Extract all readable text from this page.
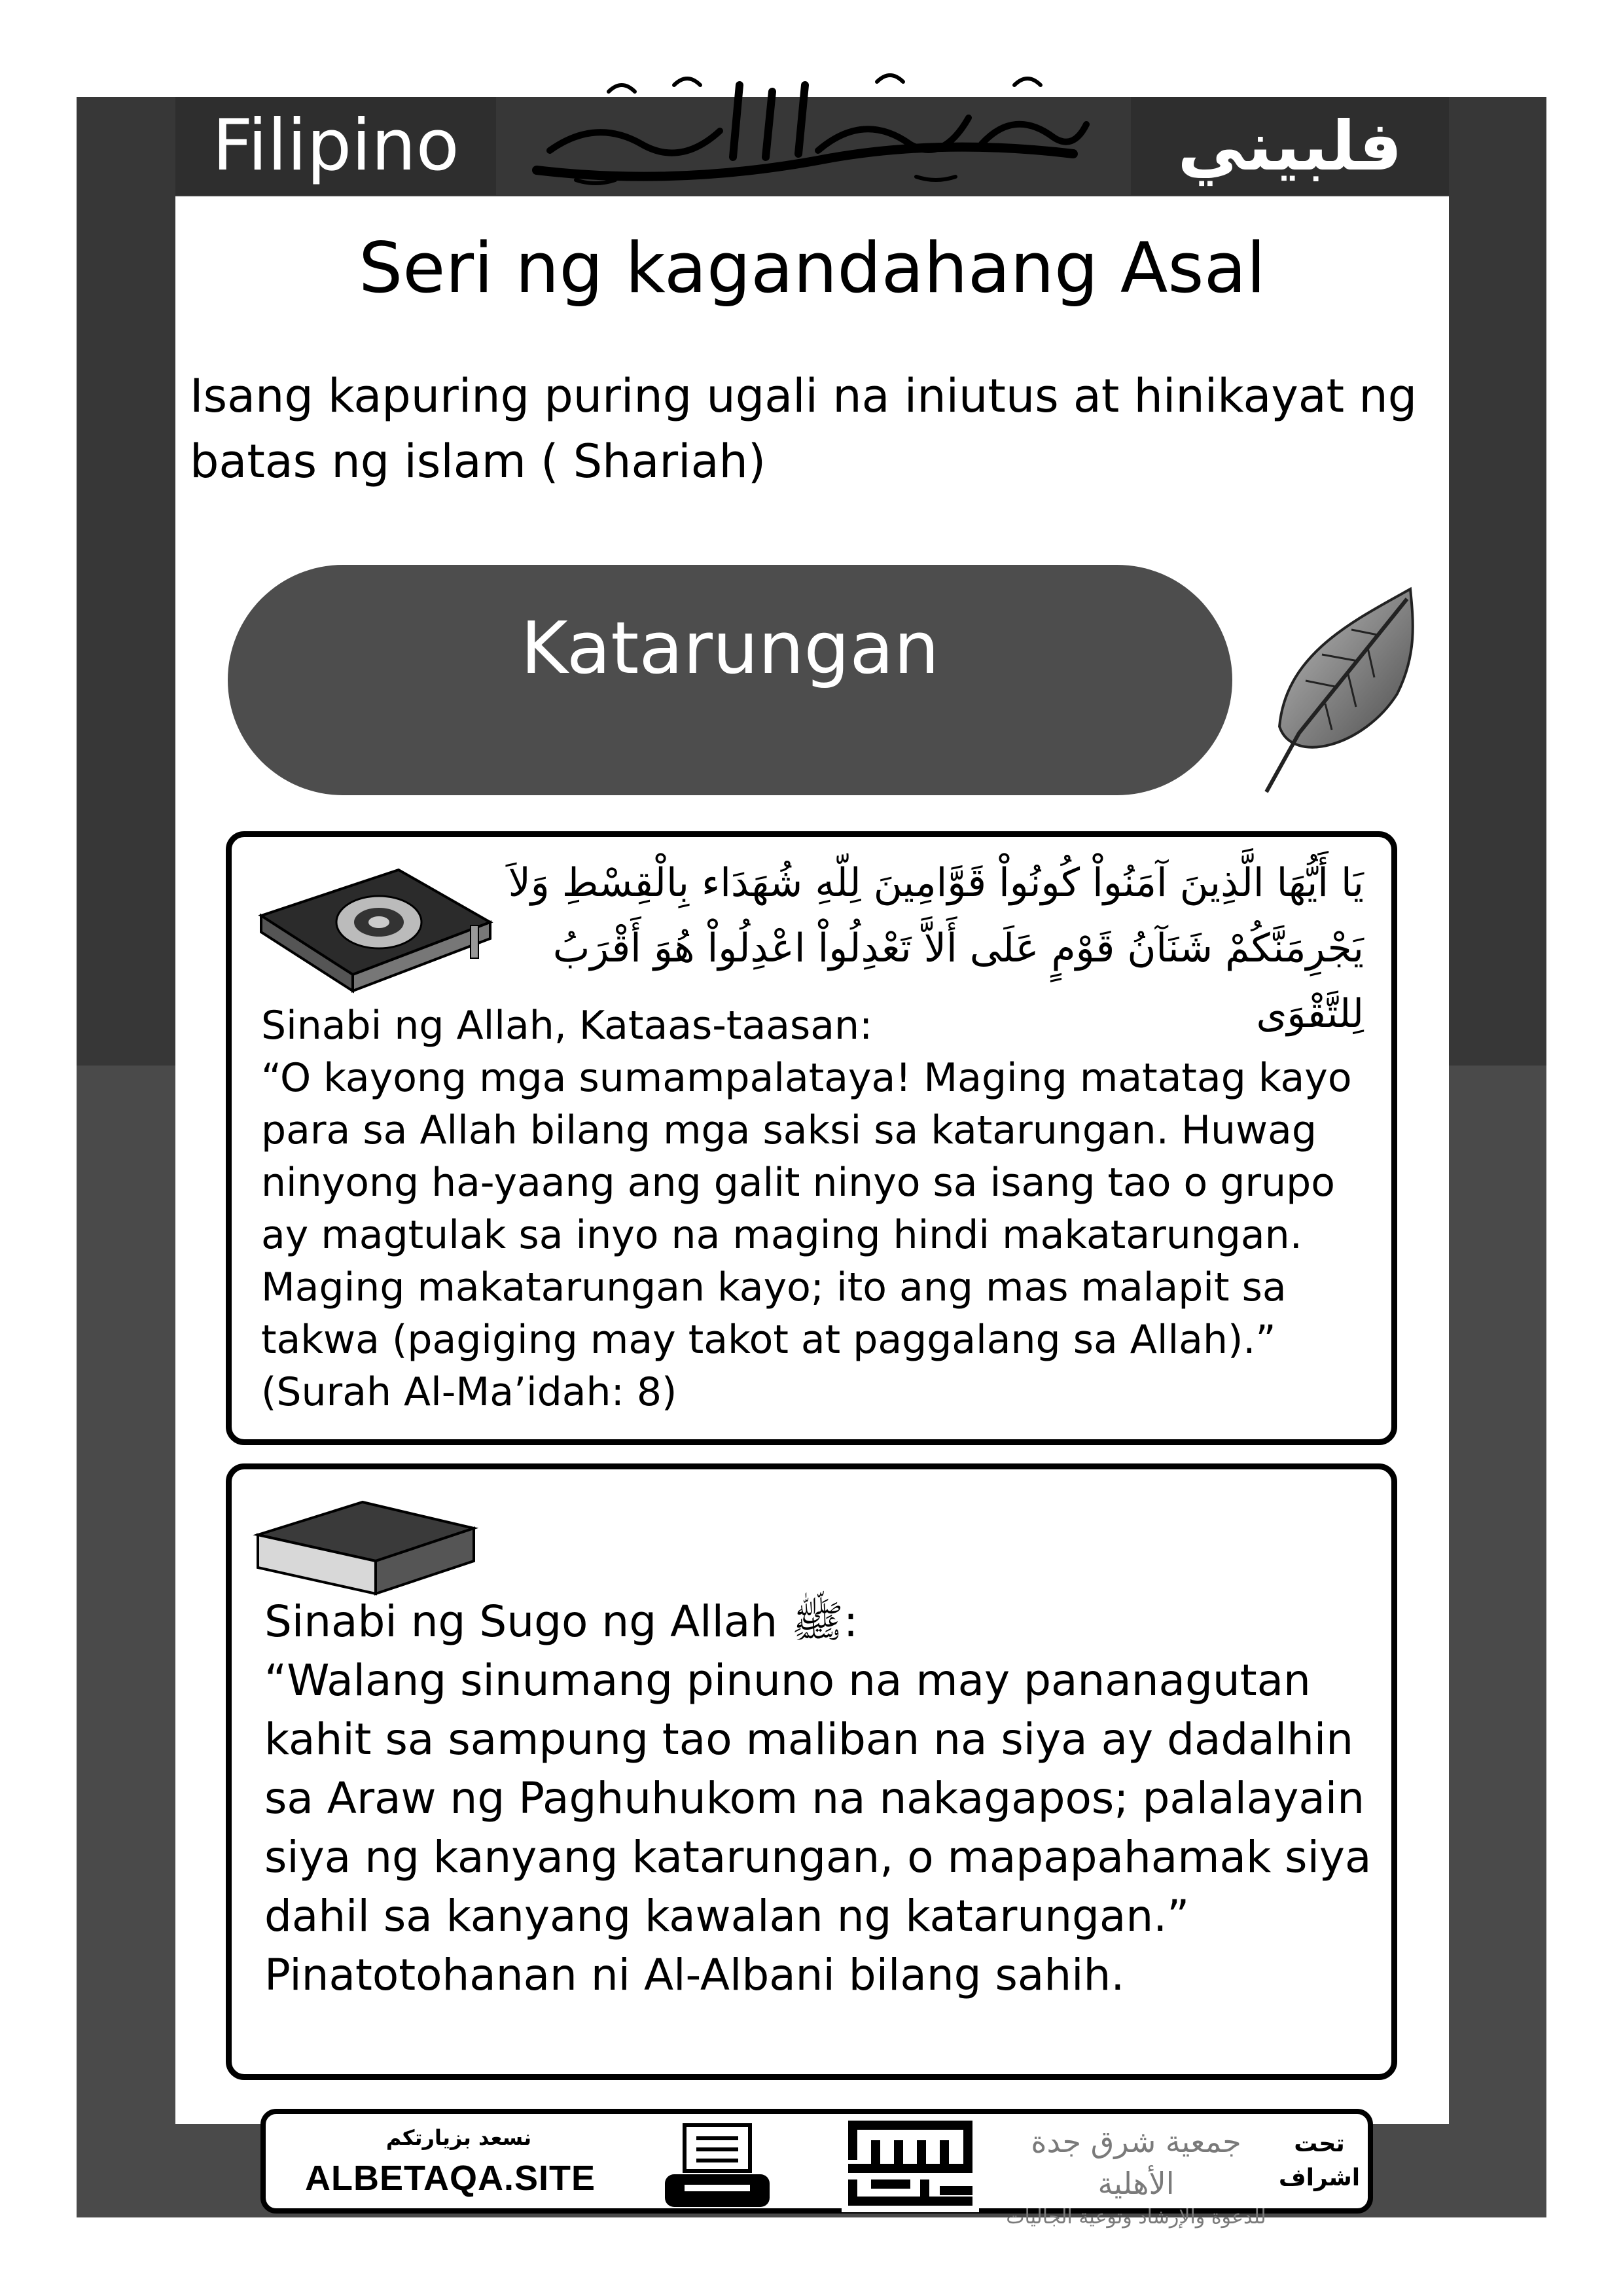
Filipino	فلبيني
Seri ng kagandahang Asal
Isang kapuring puring ugali na iniutus at hinikayat ng batas ng islam ( Shariah)
Katarungan
يَا أَيُّهَا الَّذِينَ آمَنُواْ كُونُواْ قَوَّامِينَ لِلّهِ شُهَدَاء بِالْقِسْطِ وَلاَ يَجْرِمَنَّكُمْ شَنَآنُ قَوْمٍ عَلَى أَلاَّ تَعْدِلُواْ اعْدِلُواْ هُوَ أَقْرَبُ لِلتَّقْوَى
Sinabi ng Allah, Kataas-taasan:
“O kayong mga sumampalataya! Maging matatag kayo para sa Allah bilang mga saksi sa katarungan. Huwag ninyong ha-yaang ang galit ninyo sa isang tao o grupo ay magtulak sa inyo na maging hindi makatarungan. Maging makatarungan kayo; ito ang mas malapit sa takwa (pagiging may takot at paggalang sa Allah).”
(Surah Al-Ma’idah: 8)
Sinabi ng Sugo ng Allah ﷺ:
“Walang sinumang pinuno na may pananagutan kahit sa sampung tao maliban na siya ay dadalhin sa Araw ng Paghuhukom na nakagapos; palalayain siya ng kanyang katarungan, o mapapahamak siya dahil sa kanyang kawalan ng katarungan.”
Pinatotohanan ni Al-Albani bilang sahih.
نسعد بزيارتكم
ALBETAQA.SITE
جمعية شرق جدة الأهلية
للدعوة والإرشاد وتوعية الجاليات
تحت
اشراف
